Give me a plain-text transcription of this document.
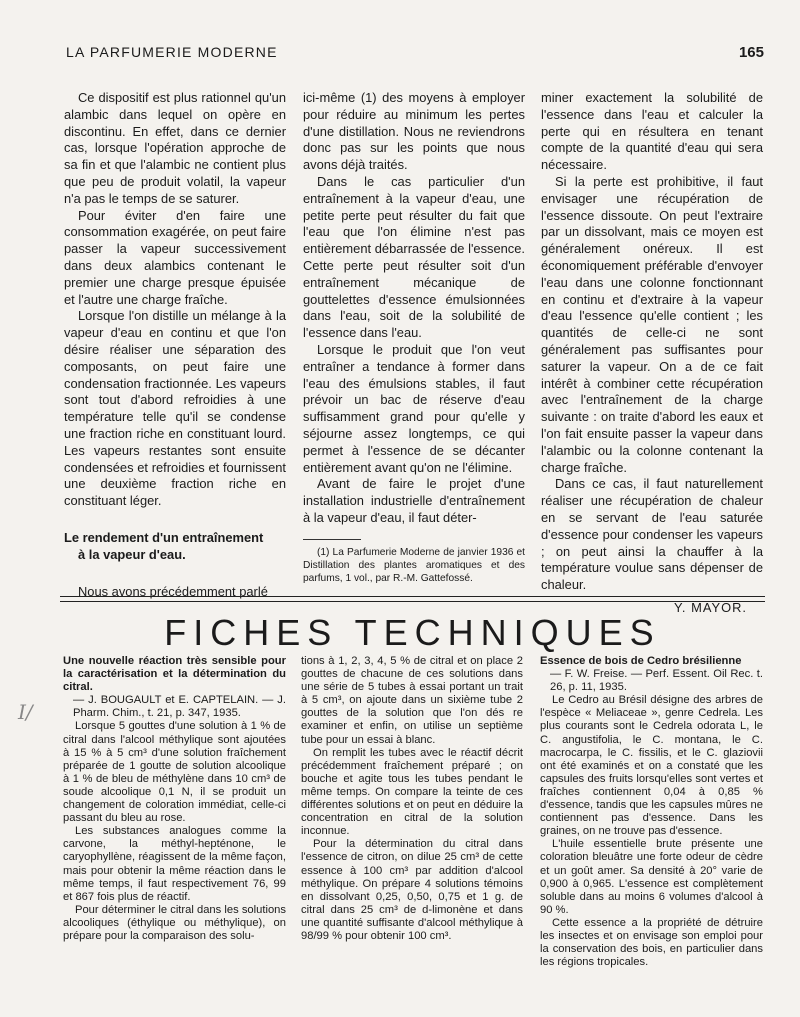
LA PARFUMERIE MODERNE	165

Ce dispositif est plus rationnel qu'un alambic dans lequel on opère en discontinu. En effet, dans ce dernier cas, lorsque l'opération approche de sa fin et que l'alambic ne contient plus que peu de produit volatil, la vapeur n'a pas le temps de se saturer.

Pour éviter d'en faire une consommation exagérée, on peut faire passer la vapeur successivement dans deux alambics contenant le premier une charge presque épuisée et l'autre une charge fraîche.

Lorsque l'on distille un mélange à la vapeur d'eau en continu et que l'on désire réaliser une séparation des composants, on peut faire une condensation fractionnée. Les vapeurs sont tout d'abord refroidies à une température telle qu'il se condense une fraction riche en constituant lourd. Les vapeurs restantes sont ensuite condensées et refroidies et fournissent une deuxième fraction riche en constituant léger.

Le rendement d'un entraînement
à la vapeur d'eau.

Nous avons précédemment parlé

ici-même (1) des moyens à employer pour réduire au minimum les pertes d'une distillation. Nous ne reviendrons donc pas sur les points que nous avons déjà traités.

Dans le cas particulier d'un entraînement à la vapeur d'eau, une petite perte peut résulter du fait que l'eau que l'on élimine n'est pas entièrement débarrassée de l'essence. Cette perte peut résulter soit d'un entraînement mécanique de gouttelettes d'essence émulsionnées dans l'eau, soit de la solubilité de l'essence dans l'eau.

Lorsque le produit que l'on veut entraîner a tendance à former dans l'eau des émulsions stables, il faut prévoir un bac de réserve d'eau suffisamment grand pour qu'elle y séjourne assez longtemps, ce qui permet à l'essence de se décanter entièrement avant qu'on ne l'élimine.

Avant de faire le projet d'une installation industrielle d'entraînement à la vapeur d'eau, il faut déter-

(1) La Parfumerie Moderne de janvier 1936 et Distillation des plantes aromatiques et des parfums, 1 vol., par R.-M. Gattefossé.

miner exactement la solubilité de l'essence dans l'eau et calculer la perte qui en résultera en tenant compte de la quantité d'eau qui sera nécessaire.

Si la perte est prohibitive, il faut envisager une récupération de l'essence dissoute. On peut l'extraire par un dissolvant, mais ce moyen est généralement onéreux. Il est économiquement préférable d'envoyer l'eau dans une colonne fonctionnant en continu et d'extraire à la vapeur d'eau l'essence qu'elle contient ; les quantités de celle-ci ne sont généralement pas suffisantes pour saturer la vapeur. On a de ce fait intérêt à combiner cette récupération avec l'entraînement de la charge suivante : on traite d'abord les eaux et l'on fait ensuite passer la vapeur dans l'alambic ou la colonne contenant la charge fraîche.

Dans ce cas, il faut naturellement réaliser une récupération de chaleur en se servant de l'eau saturée d'essence pour condenser les vapeurs ; on peut ainsi la chauffer à la température voulue sans dépenser de chaleur.

Y. MAYOR.

FICHES TECHNIQUES
I/

Une nouvelle réaction très sensible pour la caractérisation et la détermination du citral.

— J. BOUGAULT et E. CAPTELAIN. — J. Pharm. Chim., t. 21, p. 347, 1935.

Lorsque 5 gouttes d'une solution à 1 % de citral dans l'alcool méthylique sont ajoutées à 15 % à 5 cm³ d'une solution fraîchement préparée de 1 goutte de solution alcoolique à 1 % de bleu de méthylène dans 10 cm³ de soude alcoolique 0,1 N, il se produit un changement de coloration immédiat, celle-ci passant du bleu au rose.

Les substances analogues comme la carvone, la méthyl-hepténone, le caryophyllène, réagissent de la même façon, mais pour obtenir la même réaction dans le même temps, il faut respectivement 76, 99 et 867 fois plus de réactif.

Pour déterminer le citral dans les solutions alcooliques (éthylique ou méthylique), on prépare pour la comparaison des solu-

tions à 1, 2, 3, 4, 5 % de citral et on place 2 gouttes de chacune de ces solutions dans une série de 5 tubes à essai portant un trait à 5 cm³, on ajoute dans un sixième tube 2 gouttes de la solution que l'on dés re examiner et enfin, on utilise un septième tube pour un essai à blanc.

On remplit les tubes avec le réactif décrit précédemment fraîchement préparé ; on bouche et agite tous les tubes pendant le même temps. On compare la teinte de ces différentes solutions et on peut en déduire la concentration en citral de la solution inconnue.

Pour la détermination du citral dans l'essence de citron, on dilue 25 cm³ de cette essence à 100 cm³ par addition d'alcool méthylique. On prépare 4 solutions témoins en dissolvant 0,25, 0,50, 0,75 et 1 g. de citral dans 25 cm³ de d-limonène et dans une quantité suffisante d'alcool méthylique à 98/99 % pour obtenir 100 cm³.

Essence de bois de Cedro brésilienne

— F. W. Freise. — Perf. Essent. Oil Rec. t. 26, p. 11, 1935.

Le Cedro au Brésil désigne des arbres de l'espèce « Meliaceae », genre Cedrela. Les plus courants sont le Cedrela odorata L, le C. angustifolia, le C. montana, le C. macrocarpa, le C. fissilis, et le C. glaziovii ont été examinés et on a constaté que les capsules des fruits lorsqu'elles sont vertes et fraîches contiennent 0,04 à 0,85 % d'essence, tandis que les capsules mûres ne contiennent pas d'essence. Dans les graines, on ne trouve pas d'essence.

L'huile essentielle brute présente une coloration bleuâtre une forte odeur de cèdre et un goût amer. Sa densité à 20° varie de 0,900 à 0,965. L'essence est complètement soluble dans au moins 6 volumes d'alcool à 90 %.

Cette essence a la propriété de détruire les insectes et on envisage son emploi pour la conservation des bois, en particulier dans les régions tropicales.
